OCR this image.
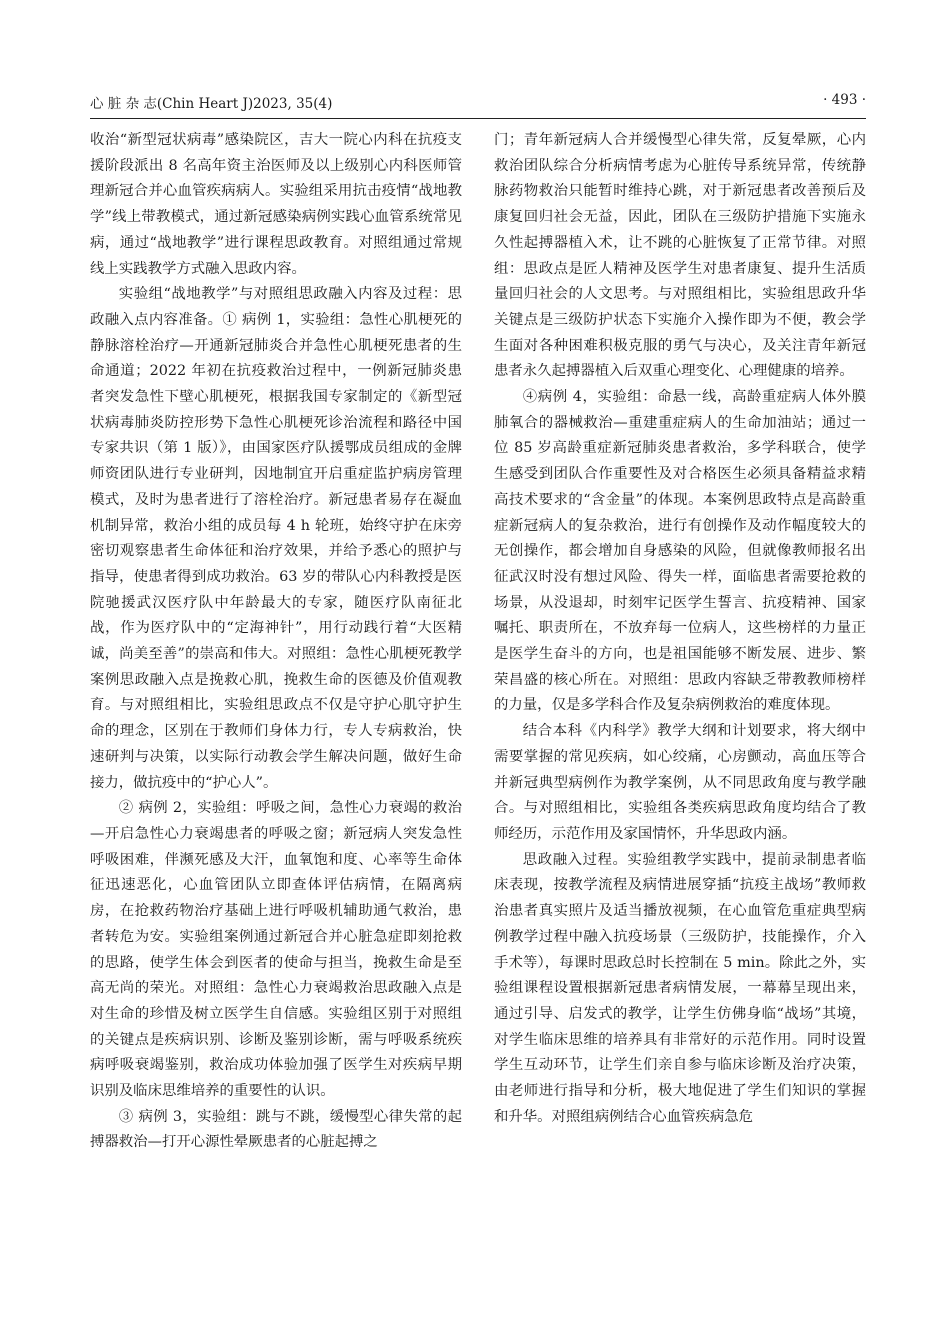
心 脏 杂 志(Chin Heart J)2023, 35(4)	· 493 ·

收治“新型冠状病毒”感染院区，吉大一院心内科在抗疫支援阶段派出 8 名高年资主治医师及以上级别心内科医师管理新冠合并心血管疾病病人。实验组采用抗击疫情“战地教学”线上带教模式，通过新冠感染病例实践心血管系统常见病，通过“战地教学”进行课程思政教育。对照组通过常规线上实践教学方式融入思政内容。

实验组“战地教学”与对照组思政融入内容及过程：思政融入点内容准备。① 病例 1，实验组：急性心肌梗死的静脉溶栓治疗—开通新冠肺炎合并急性心肌梗死患者的生命通道；2022 年初在抗疫救治过程中，一例新冠肺炎患者突发急性下壁心肌梗死，根据我国专家制定的《新型冠状病毒肺炎防控形势下急性心肌梗死诊治流程和路径中国专家共识（第 1 版）》，由国家医疗队援鄂成员组成的金牌师资团队进行专业研判，因地制宜开启重症监护病房管理模式，及时为患者进行了溶栓治疗。新冠患者易存在凝血机制异常，救治小组的成员每 4 h 轮班，始终守护在床旁密切观察患者生命体征和治疗效果，并给予悉心的照护与指导，使患者得到成功救治。63 岁的带队心内科教授是医院驰援武汉医疗队中年龄最大的专家，随医疗队南征北战，作为医疗队中的“定海神针”，用行动践行着“大医精诚，尚美至善”的崇高和伟大。对照组：急性心肌梗死教学案例思政融入点是挽救心肌，挽救生命的医德及价值观教育。与对照组相比，实验组思政点不仅是守护心肌守护生命的理念，区别在于教师们身体力行，专人专病救治，快速研判与决策，以实际行动教会学生解决问题，做好生命接力，做抗疫中的“护心人”。

② 病例 2，实验组：呼吸之间，急性心力衰竭的救治—开启急性心力衰竭患者的呼吸之窗；新冠病人突发急性呼吸困难，伴濒死感及大汗，血氧饱和度、心率等生命体征迅速恶化，心血管团队立即查体评估病情，在隔离病房，在抢救药物治疗基础上进行呼吸机辅助通气救治，患者转危为安。实验组案例通过新冠合并心脏急症即刻抢救的思路，使学生体会到医者的使命与担当，挽救生命是至高无尚的荣光。对照组：急性心力衰竭救治思政融入点是对生命的珍惜及树立医学生自信感。实验组区别于对照组的关键点是疾病识别、诊断及鉴别诊断，需与呼吸系统疾病呼吸衰竭鉴别，救治成功体验加强了医学生对疾病早期识别及临床思维培养的重要性的认识。

③ 病例 3，实验组：跳与不跳，缓慢型心律失常的起搏器救治—打开心源性晕厥患者的心脏起搏之

门；青年新冠病人合并缓慢型心律失常，反复晕厥，心内救治团队综合分析病情考虑为心脏传导系统异常，传统静脉药物救治只能暂时维持心跳，对于新冠患者改善预后及康复回归社会无益，因此，团队在三级防护措施下实施永久性起搏器植入术，让不跳的心脏恢复了正常节律。对照组：思政点是匠人精神及医学生对患者康复、提升生活质量回归社会的人文思考。与对照组相比，实验组思政升华关键点是三级防护状态下实施介入操作即为不便，教会学生面对各种困难积极克服的勇气与决心，及关注青年新冠患者永久起搏器植入后双重心理变化、心理健康的培养。

④病例 4，实验组：命悬一线，高龄重症病人体外膜肺氧合的器械救治—重建重症病人的生命加油站；通过一位 85 岁高龄重症新冠肺炎患者救治，多学科联合，使学生感受到团队合作重要性及对合格医生必须具备精益求精高技术要求的“含金量”的体现。本案例思政特点是高龄重症新冠病人的复杂救治，进行有创操作及动作幅度较大的无创操作，都会增加自身感染的风险，但就像教师报名出征武汉时没有想过风险、得失一样，面临患者需要抢救的场景，从没退却，时刻牢记医学生誓言、抗疫精神、国家嘱托、职责所在，不放弃每一位病人，这些榜样的力量正是医学生奋斗的方向，也是祖国能够不断发展、进步、繁荣昌盛的核心所在。对照组：思政内容缺乏带教教师榜样的力量，仅是多学科合作及复杂病例救治的难度体现。

结合本科《内科学》教学大纲和计划要求，将大纲中需要掌握的常见疾病，如心绞痛，心房颤动，高血压等合并新冠典型病例作为教学案例，从不同思政角度与教学融合。与对照组相比，实验组各类疾病思政角度均结合了教师经历，示范作用及家国情怀，升华思政内涵。

思政融入过程。实验组教学实践中，提前录制患者临床表现，按教学流程及病情进展穿插“抗疫主战场”教师救治患者真实照片及适当播放视频，在心血管危重症典型病例教学过程中融入抗疫场景（三级防护，技能操作，介入手术等），每课时思政总时长控制在 5 min。除此之外，实验组课程设置根据新冠患者病情发展，一幕幕呈现出来，通过引导、启发式的教学，让学生仿佛身临“战场”其境，对学生临床思维的培养具有非常好的示范作用。同时设置学生互动环节，让学生们亲自参与临床诊断及治疗决策，由老师进行指导和分析，极大地促进了学生们知识的掌握和升华。对照组病例结合心血管疾病急危
